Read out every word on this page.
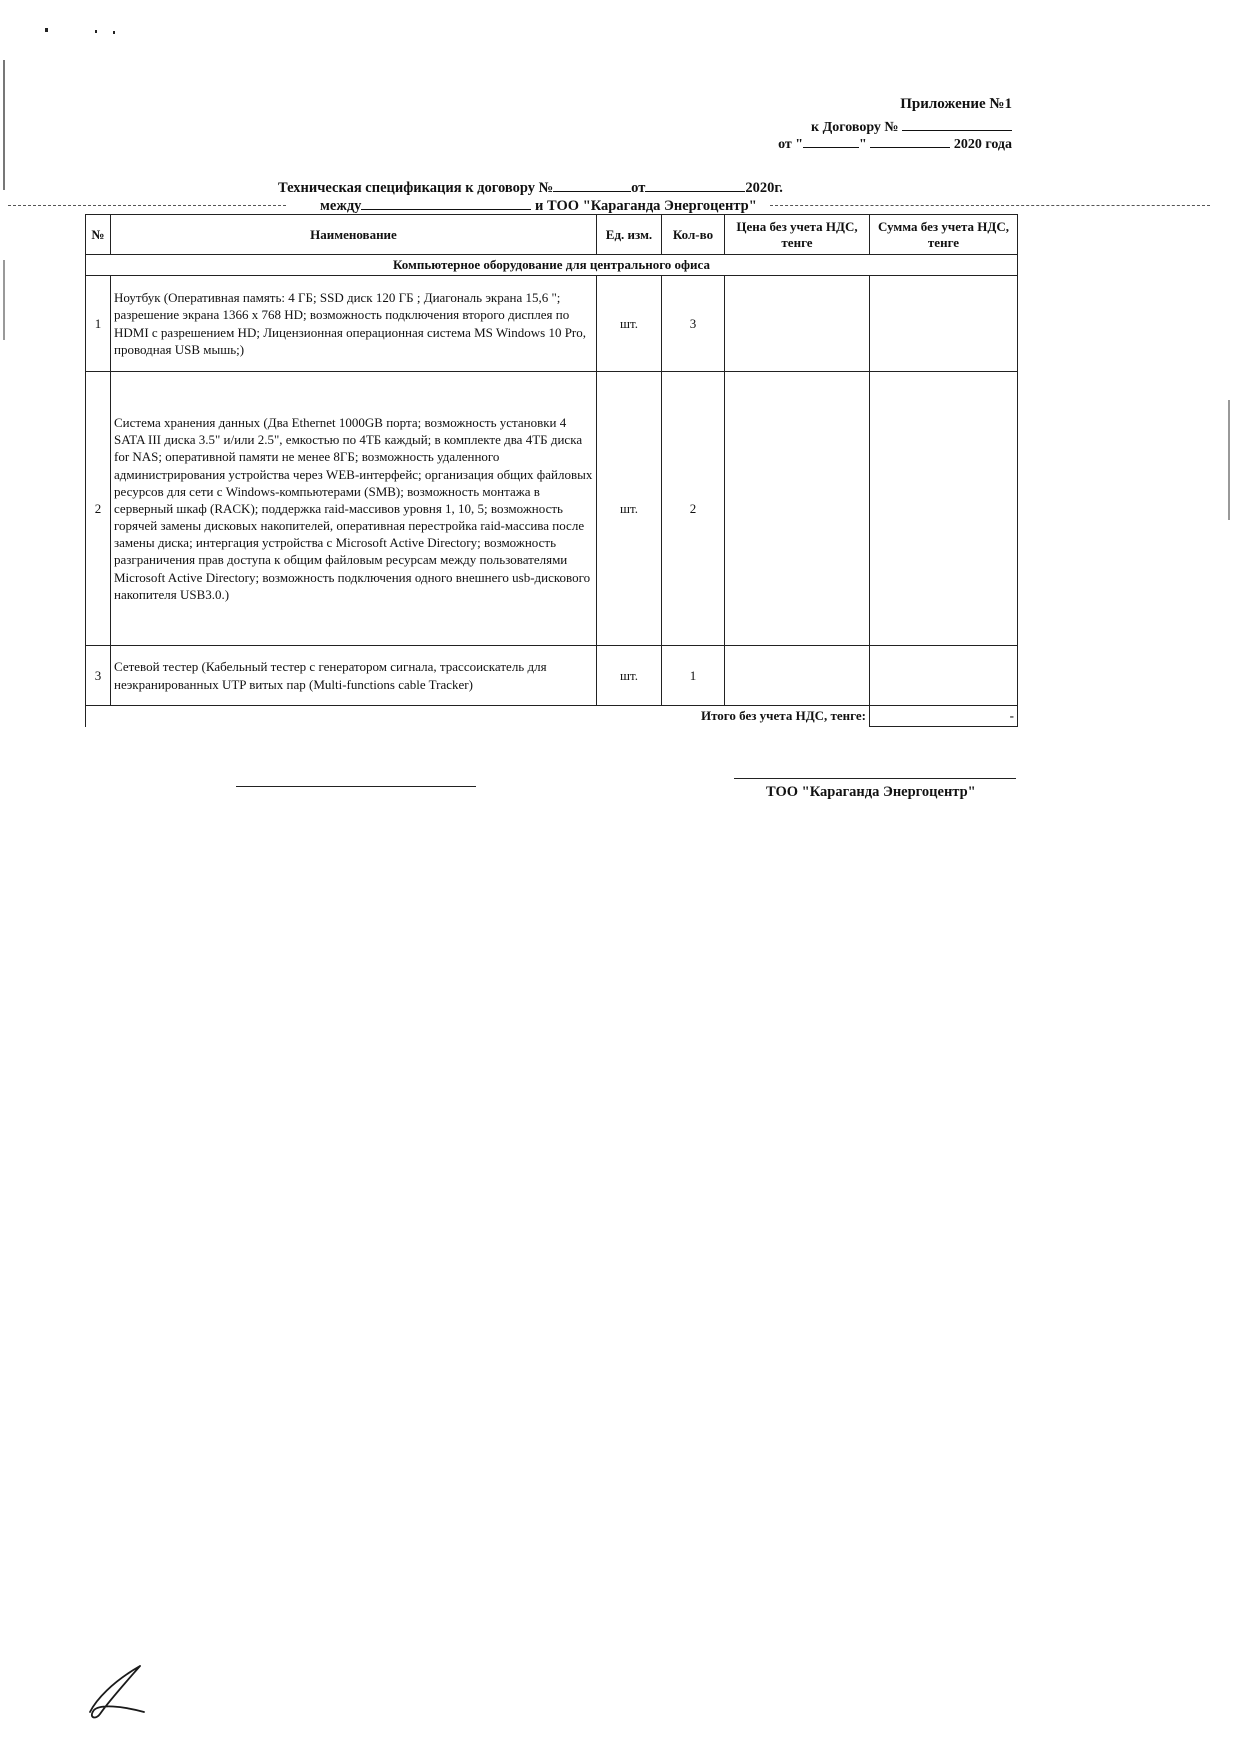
Приложение №1
к Договору №
от "	"	2020 года
Техническая спецификация к договору №	от	2020г.
между	и ТОО "Караганда Энергоцентр"
№	Наименование	Ед. изм.	Кол-во	Цена без учета НДС, тенге	Сумма без учета НДС, тенге
Компьютерное оборудование для центрального офиса					
1	Ноутбук (Оперативная память: 4 ГБ; SSD диск 120 ГБ ; Диагональ экрана 15,6 "; разрешение экрана 1366 х 768 HD; возможность подключения второго дисплея по HDMI с разрешением HD; Лицензионная операционная система MS Windows 10 Pro, проводная USB мышь;)	шт.	3		
2	Система хранения данных (Два Ethernet 1000GB порта; возможность установки 4 SATA III диска 3.5" и/или 2.5", емкостью по 4ТБ каждый; в комплекте два 4ТБ диска for NAS; оперативной памяти не менее 8ГБ; возможность удаленного администрирования устройства через WEB-интерфейс; организация общих файловых ресурсов для сети с Windows-компьютерами (SMB); возможность монтажа в серверный шкаф (RACK); поддержка raid-массивов уровня 1, 10, 5; возможность горячей замены дисковых накопителей, оперативная перестройка raid-массива после замены диска; интергация устройства с Microsoft Active Directory; возможность разграничения прав доступа к общим файловым ресурсам между пользователями Microsoft Active Directory; возможность подключения одного внешнего usb-дискового накопителя USB3.0.)	шт.	2		
3	Сетевой тестер (Кабельный тестер с генератором сигнала, трассоискатель для неэкранированных UTP витых пар (Multi-functions cable Tracker)	шт.	1		
Итого без учета НДС, тенге:					-
ТОО "Караганда Энергоцентр"
